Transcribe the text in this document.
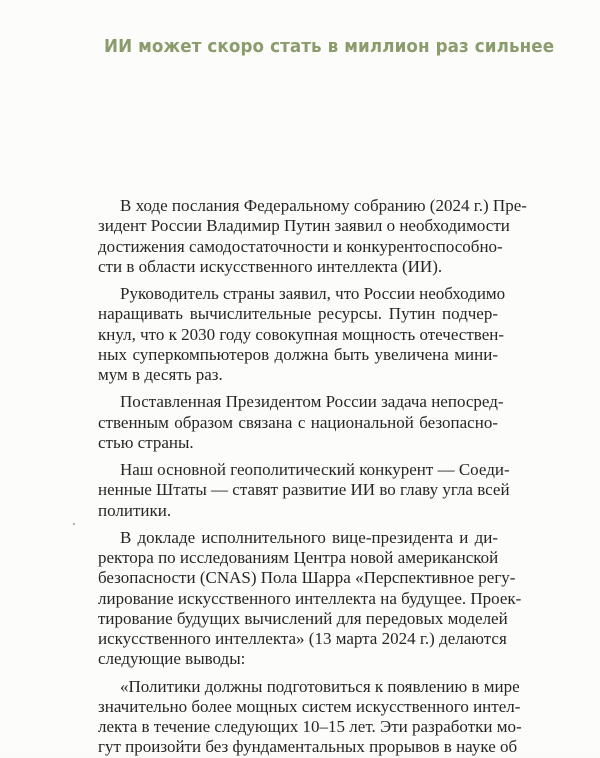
ИИ может скоро стать в миллион раз сильнее
В ходе послания Федеральному собранию (2024 г.) Пре-
зидент России Владимир Путин заявил о необходимости
достижения самодостаточности и конкурентоспособно-
сти в области искусственного интеллекта (ИИ).
Руководитель страны заявил, что России необходимо
наращивать вычислительные ресурсы. Путин подчер-
кнул, что к 2030 году совокупная мощность отечествен-
ных суперкомпьютеров должна быть увеличена мини-
мум в десять раз.
Поставленная Президентом России задача непосред-
ственным образом связана с национальной безопасно-
стью страны.
Наш основной геополитический конкурент — Соеди-
ненные Штаты — ставят развитие ИИ во главу угла всей
политики.
В докладе исполнительного вице-президента и ди-
ректора по исследованиям Центра новой американской
безопасности (CNAS) Пола Шарра «Перспективное регу-
лирование искусственного интеллекта на будущее. Проек-
тирование будущих вычислений для передовых моделей
искусственного интеллекта» (13 марта 2024 г.) делаются
следующие выводы:
«Политики должны подготовиться к появлению в мире
значительно более мощных систем искусственного интел-
лекта в течение следующих 10–15 лет. Эти разработки мо-
гут произойти без фундаментальных прорывов в науке об
